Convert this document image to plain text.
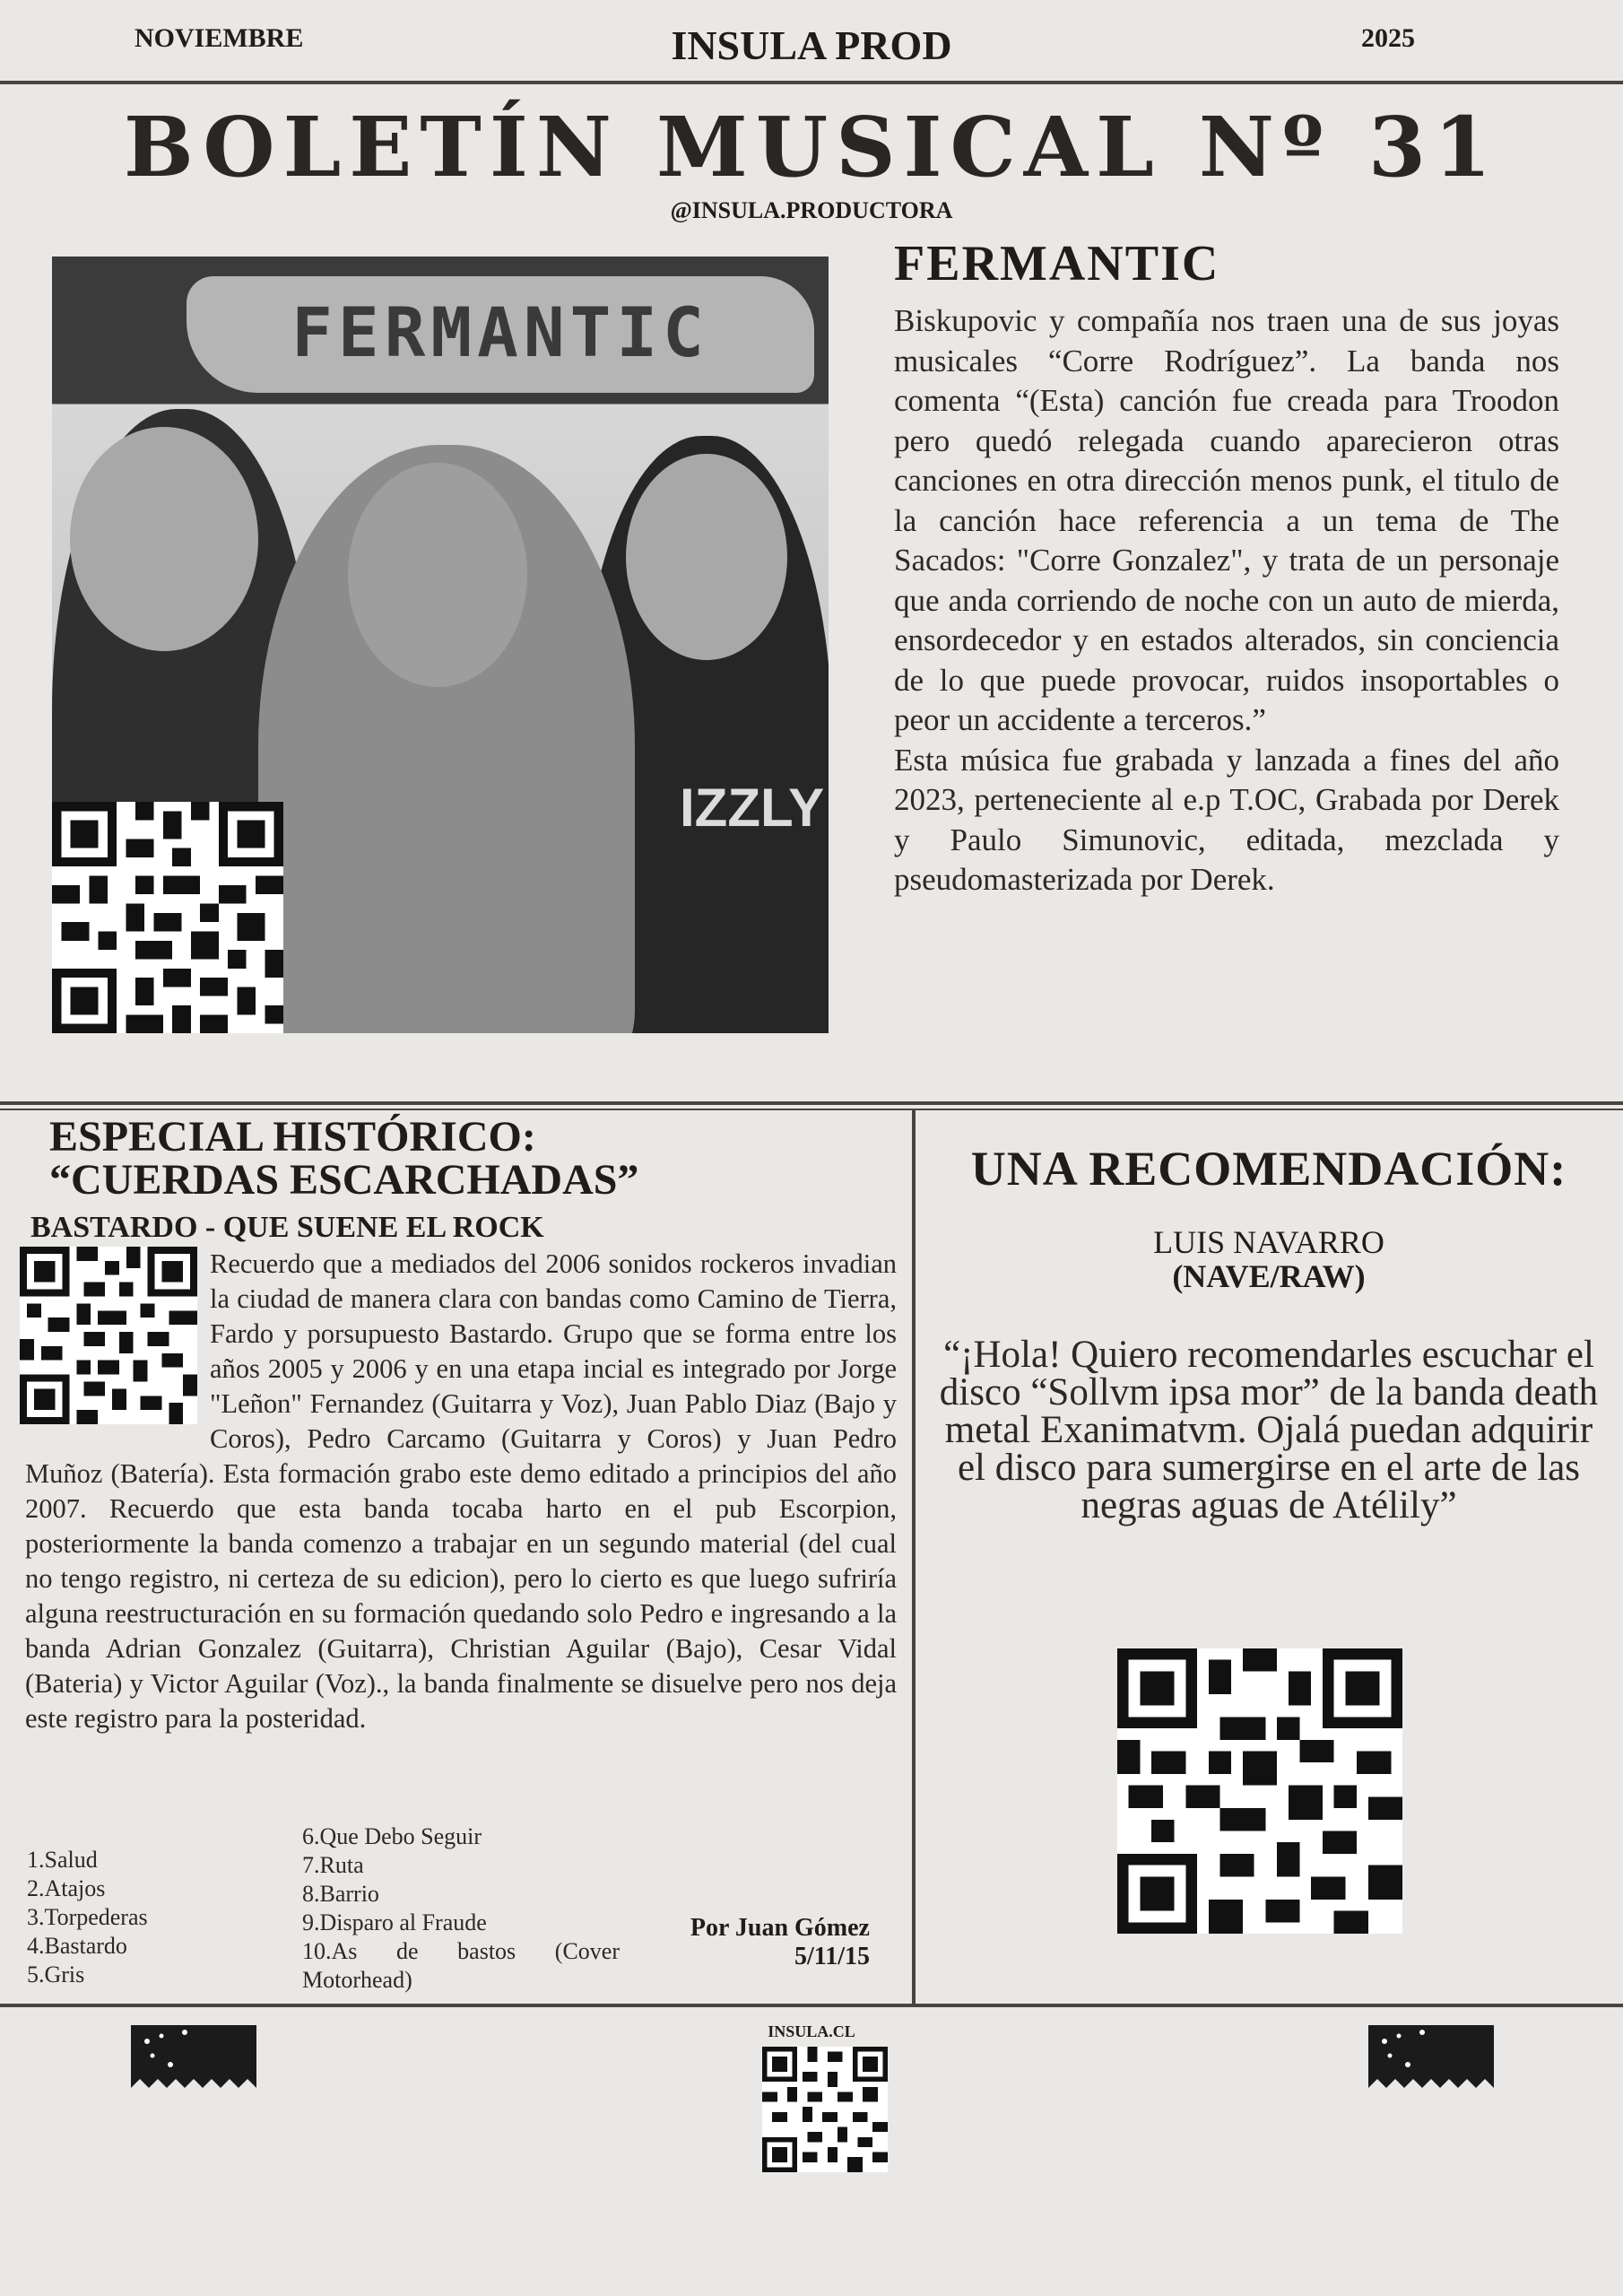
NOVIEMBRE	INSULA PROD	2025
BOLETÍN MUSICAL Nº 31
@INSULA.PRODUCTORA
FERMANTIC
IZZLY
FERMANTIC

Biskupovic y compañía nos traen una de sus joyas musicales “Corre Rodríguez”. La banda nos comenta “(Esta) canción fue creada para Troodon pero quedó relegada cuando aparecieron otras canciones en otra dirección menos punk, el titulo de la canción hace referencia a un tema de The Sacados: "Corre Gonzalez", y trata de un personaje que anda corriendo de noche con un auto de mierda, ensordecedor y en estados alterados, sin conciencia de lo que puede provocar, ruidos insoportables o peor un accidente a terceros.”

Esta música fue grabada y lanzada a fines del año 2023, perteneciente al e.p T.OC, Grabada por Derek y Paulo Simunovic, editada, mezclada y pseudomasterizada por Derek.

ESPECIAL HISTÓRICO:
“CUERDAS ESCARCHADAS”
BASTARDO - QUE SUENE EL ROCK
Recuerdo que a mediados del 2006 sonidos rockeros invadian la ciudad de manera clara con bandas como Camino de Tierra, Fardo y porsupuesto Bastardo. Grupo que se forma entre los años 2005 y 2006 y en una etapa incial es integrado por Jorge "Leñon" Fernandez (Guitarra y Voz), Juan Pablo Diaz (Bajo y Coros), Pedro Carcamo (Guitarra y Coros) y Juan Pedro Muñoz (Batería). Esta formación grabo este demo editado a principios del año 2007. Recuerdo que esta banda tocaba harto en el pub Escorpion, posteriormente la banda comenzo a trabajar en un segundo material (del cual no tengo registro, ni certeza de su edicion), pero lo cierto es que luego sufriría alguna reestructuración en su formación quedando solo Pedro e ingresando a la banda Adrian Gonzalez (Guitarra), Christian Aguilar (Bajo), Cesar Vidal (Bateria) y Victor Aguilar (Voz)., la banda finalmente se disuelve pero nos deja este registro para la posteridad.
1.Salud
2.Atajos
3.Torpederas
4.Bastardo
5.Gris
6.Que Debo Seguir
7.Ruta
8.Barrio
9.Disparo al Fraude
10.As de bastos (Cover Motorhead)
Por Juan Gómez
5/11/15
UNA RECOMENDACIÓN:
LUIS NAVARRO
(NAVE/RAW)
“¡Hola! Quiero recomendarles escuchar el disco “Sollvm ipsa mor” de la banda death metal Exanimatvm. Ojalá puedan adquirir el disco para sumergirse en el arte de las negras aguas de Atélily”
INSULA.CL
